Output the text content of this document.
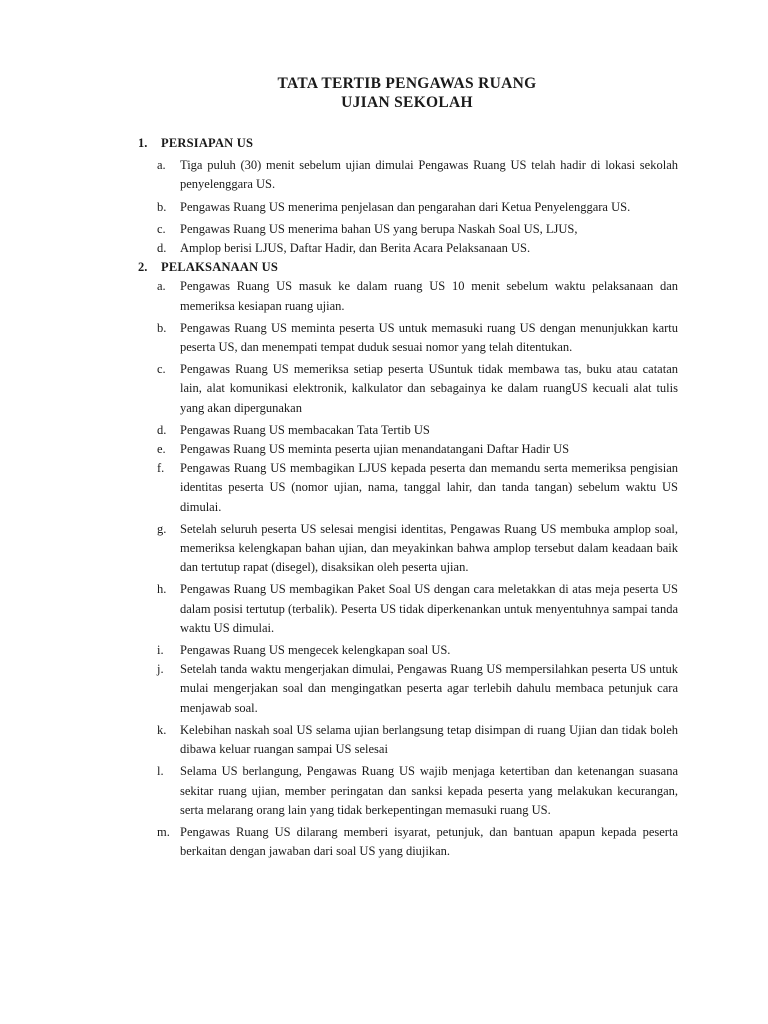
TATA TERTIB PENGAWAS RUANG
UJIAN SEKOLAH
1.	PERSIAPAN US
a.	Tiga puluh (30) menit sebelum ujian dimulai Pengawas Ruang US telah hadir di lokasi sekolah penyelenggara US.
b.	Pengawas Ruang US menerima penjelasan dan pengarahan dari Ketua Penyelenggara US.
c.	Pengawas Ruang US menerima bahan US yang berupa Naskah Soal US, LJUS,
d.	Amplop berisi LJUS, Daftar Hadir, dan Berita Acara Pelaksanaan US.
2.	PELAKSANAAN US
a.	Pengawas Ruang US masuk ke dalam ruang US 10 menit sebelum waktu pelaksanaan dan memeriksa kesiapan ruang ujian.
b.	Pengawas Ruang US meminta peserta US untuk memasuki ruang US dengan menunjukkan kartu peserta US, dan menempati tempat duduk sesuai nomor yang telah ditentukan.
c.	Pengawas Ruang US memeriksa setiap peserta USuntuk tidak membawa tas, buku atau catatan lain, alat komunikasi elektronik, kalkulator dan sebagainya ke dalam ruangUS kecuali alat tulis yang akan dipergunakan
d.	Pengawas Ruang US membacakan Tata Tertib US
e.	Pengawas Ruang US meminta peserta ujian menandatangani Daftar Hadir US
f.	Pengawas Ruang US membagikan LJUS kepada peserta dan memandu serta memeriksa pengisian identitas peserta US (nomor ujian, nama, tanggal lahir, dan tanda tangan) sebelum waktu US dimulai.
g.	Setelah seluruh peserta US selesai mengisi identitas, Pengawas Ruang US membuka amplop soal, memeriksa kelengkapan bahan ujian, dan meyakinkan bahwa amplop tersebut dalam keadaan baik dan tertutup rapat (disegel), disaksikan oleh peserta ujian.
h.	Pengawas Ruang US membagikan Paket Soal US dengan cara meletakkan di atas meja peserta US dalam posisi tertutup (terbalik). Peserta US tidak diperkenankan untuk menyentuhnya sampai tanda waktu US dimulai.
i.	Pengawas Ruang US mengecek kelengkapan soal US.
j.	Setelah tanda waktu mengerjakan dimulai, Pengawas Ruang US mempersilahkan peserta US untuk mulai mengerjakan soal dan mengingatkan peserta agar terlebih dahulu membaca petunjuk cara menjawab soal.
k.	Kelebihan naskah soal US selama ujian berlangsung tetap disimpan di ruang Ujian dan tidak boleh dibawa keluar ruangan sampai US selesai
l.	Selama US berlangung, Pengawas Ruang US wajib menjaga ketertiban dan ketenangan suasana sekitar ruang ujian, member peringatan dan sanksi kepada peserta yang melakukan kecurangan, serta melarang orang lain yang tidak berkepentingan memasuki ruang US.
m. Pengawas Ruang US dilarang memberi isyarat, petunjuk, dan bantuan apapun kepada peserta berkaitan dengan jawaban dari soal US yang diujikan.
